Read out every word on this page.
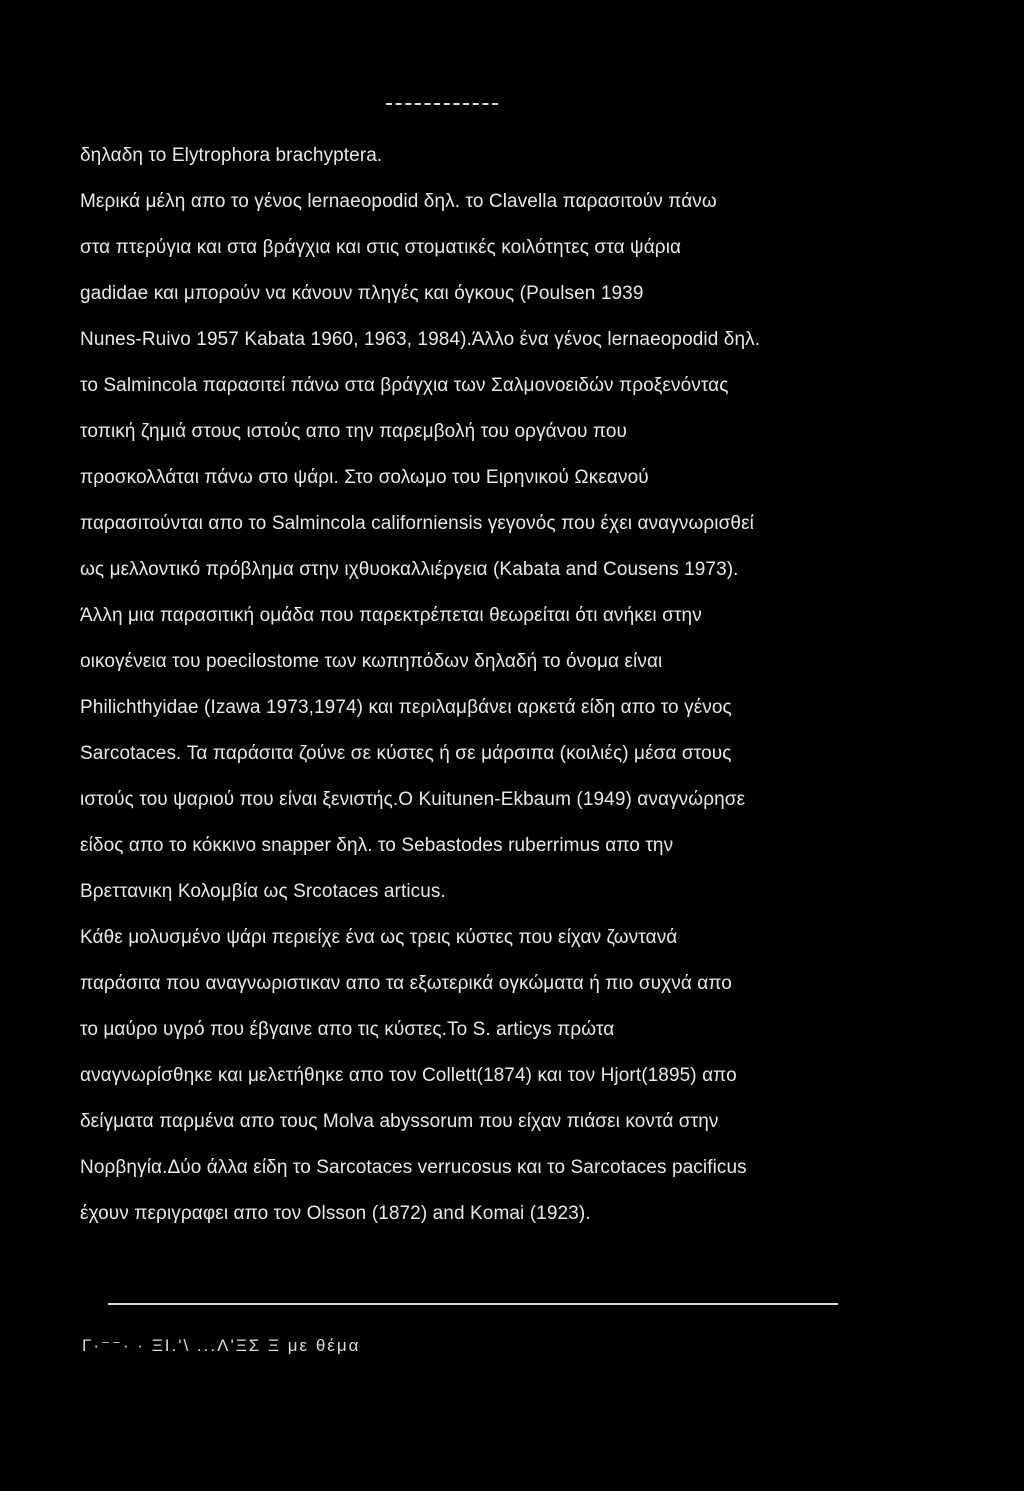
δηλαδη το Elytrophora brachyptera.
Μερικά μέλη απο το γένος lernaeopodid δηλ. το Clavella παρασιτούν πάνω
στα πτερύγια και στα βράγχια και στις στοματικές κοιλότητες στα ψάρια
gadidae και μπορούν να κάνουν πληγές και όγκους (Poulsen 1939
Nunes-Ruivo 1957 Kabata 1960, 1963, 1984).Άλλο ένα γένος lernaeopodid δηλ.
το Salmincola παρασιτεί πάνω στα βράγχια των Σαλμονοειδών προξενόντας
τοπική ζημιά στους ιστούς απο την παρεμβολή του οργάνου που
προσκολλάται πάνω στο ψάρι. Στο σολωμο του Ειρηνικού Ωκεανού
παρασιτούνται απο το Salmincola californiensis γεγονός που έχει αναγνωρισθεί
ως μελλοντικό πρόβλημα στην ιχθυοκαλλιέργεια (Kabata and Cousens 1973).
Άλλη μια παρασιτική ομάδα που παρεκτρέπεται θεωρείται ότι ανήκει στην
οικογένεια του poecilostome των κωπηπόδων δηλαδή το όνομα είναι
Philichthyidae (Izawa 1973,1974) και περιλαμβάνει αρκετά είδη απο το γένος
Sarcotaces. Τα παράσιτα ζούνε σε κύστες ή σε μάρσιπα (κοιλιές) μέσα στους
ιστούς του ψαριού που είναι ξενιστής.Ο Kuitunen-Ekbaum (1949) αναγνώρησε
είδος απο το κόκκινο snapper δηλ. το Sebastodes ruberrimus απο την
Βρεττανικη Κολομβία ως Srcotaces articus.
Κάθε μολυσμένο ψάρι περιείχε ένα ως τρεις κύστες που είχαν ζωντανά
παράσιτα που αναγνωριστικαν απο τα εξωτερικά ογκώματα ή πιο συχνά απο
το μαύρο υγρό που έβγαινε απο τις κύστες.Το S. articys πρώτα
αναγνωρίσθηκε και μελετήθηκε απο τον Collett(1874) και τον Hjort(1895) απο
δείγματα παρμένα απο τους Molva abyssorum που είχαν πιάσει κοντά στην
Νορβηγία.Δύο άλλα είδη το Sarcotaces verrucosus και το Sarcotaces pacificus
έχουν περιγραφει απο τον Olsson (1872) and Komai (1923).
Γ·⁻⁻· · ΞΙ.'\ ...Λ'ΞΣ Ξ με θέμα
